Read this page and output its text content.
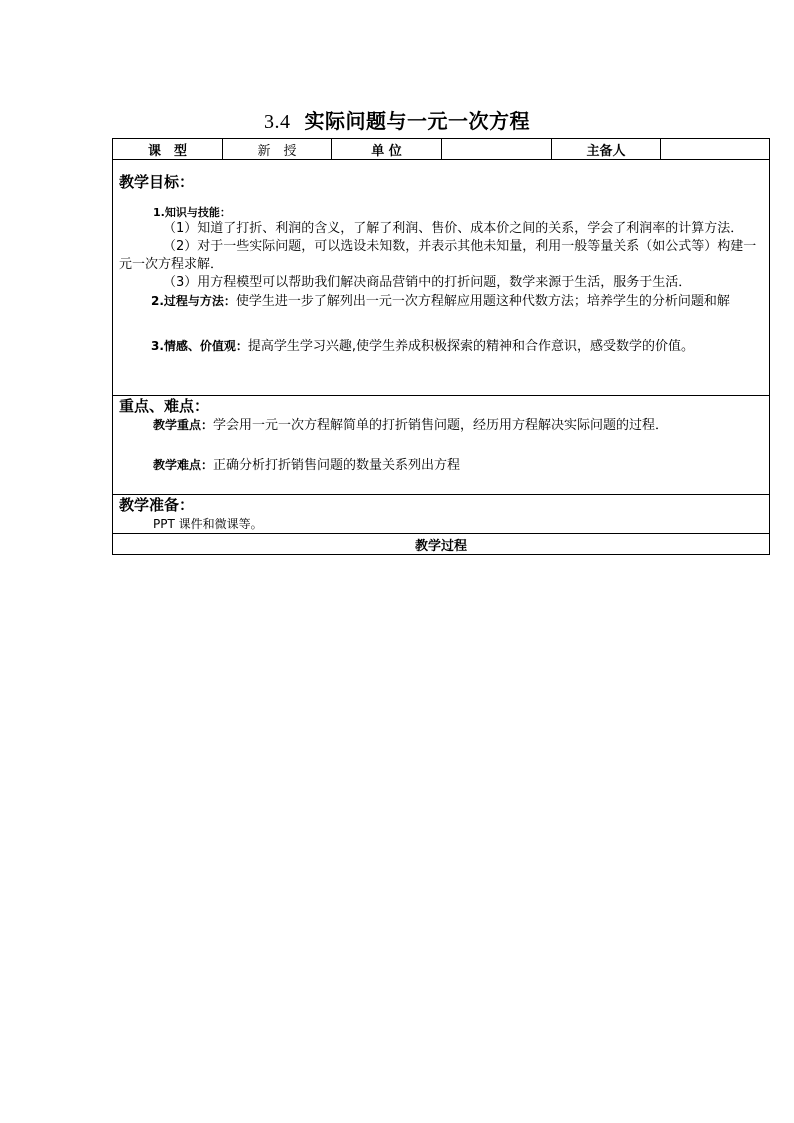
3.4 实际问题与一元一次方程
课　型	新　授	单 位		主备人	

教学目标：

1.知识与技能：

（1）知道了打折、利润的含义，了解了利润、售价、成本价之间的关系，学会了利润率的计算方法．

（2）对于一些实际问题，可以选设未知数，并表示其他未知量，利用一般等量关系（如公式等）构建一元一次方程求解．

（3）用方程模型可以帮助我们解决商品营销中的打折问题，数学来源于生活，服务于生活．

2.过程与方法：使学生进一步了解列出一元一次方程解应用题这种代数方法；培养学生的分析问题和解

3.情感、价值观：提高学生学习兴趣,使学生养成积极探索的精神和合作意识，感受数学的价值。

重点、难点：

教学重点：学会用一元一次方程解简单的打折销售问题，经历用方程解决实际问题的过程．

教学难点：正确分析打折销售问题的数量关系列出方程

教学准备：

PPT 课件和微课等。

教学过程
